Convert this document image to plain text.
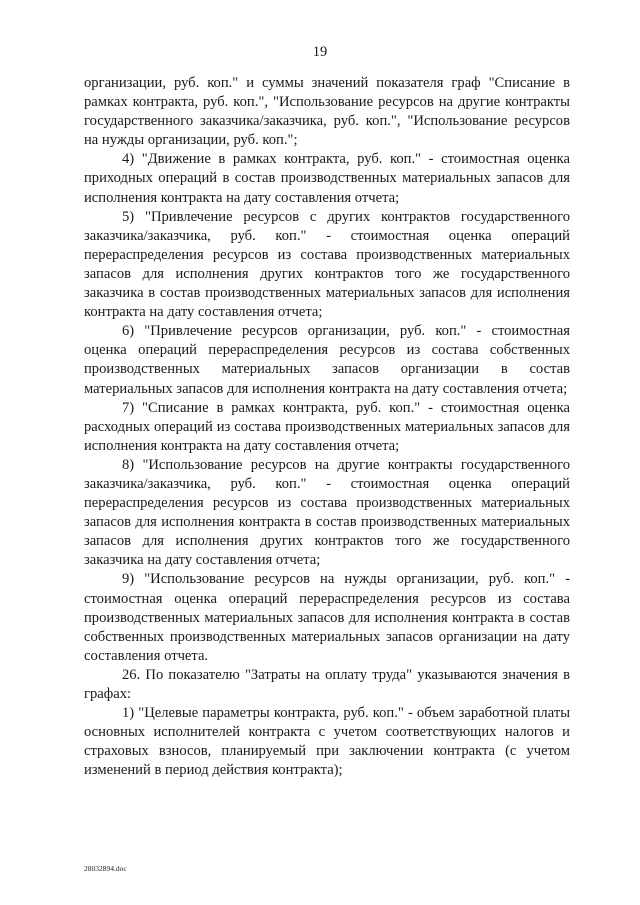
19

организации, руб. коп." и суммы значений показателя граф "Списание в рамках контракта, руб. коп.", "Использование ресурсов на другие контракты государственного заказчика/заказчика, руб. коп.", "Использование ресурсов на нужды организации, руб. коп.";

4) "Движение в рамках контракта, руб. коп." - стоимостная оценка приходных операций в состав производственных материальных запасов для исполнения контракта на дату составления отчета;

5) "Привлечение ресурсов с других контрактов государственного заказчика/заказчика, руб. коп." - стоимостная оценка операций перераспределения ресурсов из состава производственных материальных запасов для исполнения других контрактов того же государственного заказчика в состав производственных материальных запасов для исполнения контракта на дату составления отчета;

6) "Привлечение ресурсов организации, руб. коп." - стоимостная оценка операций перераспределения ресурсов из состава собственных производственных материальных запасов организации в состав материальных запасов для исполнения контракта на дату составления отчета;

7) "Списание в рамках контракта, руб. коп." - стоимостная оценка расходных операций из состава производственных материальных запасов для исполнения контракта на дату составления отчета;

8) "Использование ресурсов на другие контракты государственного заказчика/заказчика, руб. коп." - стоимостная оценка операций перераспределения ресурсов из состава производственных материальных запасов для исполнения контракта в состав производственных материальных запасов для исполнения других контрактов того же государственного заказчика на дату составления отчета;

9) "Использование ресурсов на нужды организации, руб. коп." - стоимостная оценка операций перераспределения ресурсов из состава производственных материальных запасов для исполнения контракта в состав собственных производственных материальных запасов организации на дату составления отчета.

26. По показателю "Затраты на оплату труда" указываются значения в графах:

1) "Целевые параметры контракта, руб. коп." - объем заработной платы основных исполнителей контракта с учетом соответствующих налогов и страховых взносов, планируемый при заключении контракта (с учетом изменений в период действия контракта);

28032894.doc
